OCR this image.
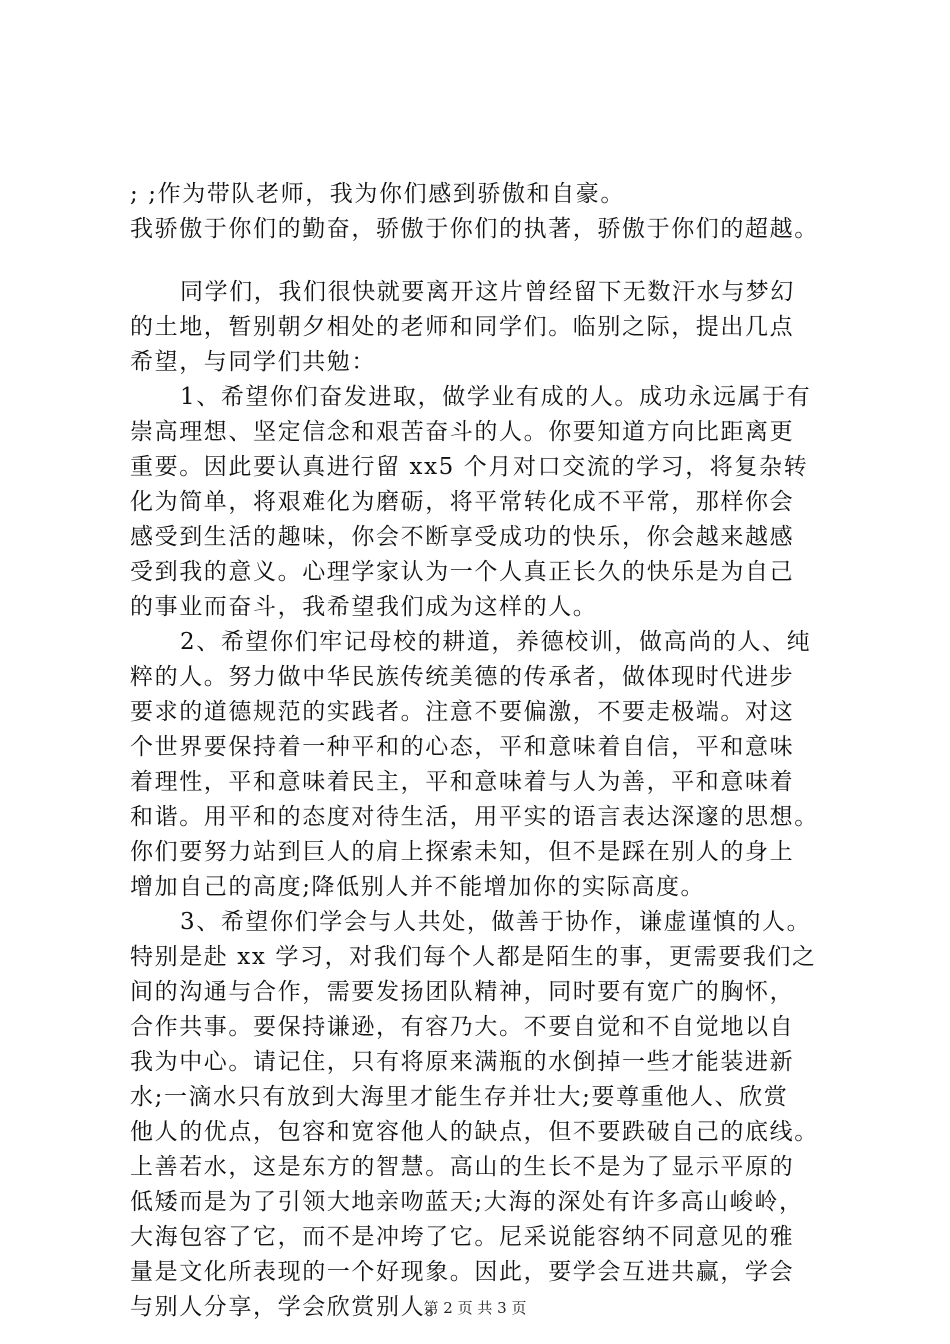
; ;作为带队老师，我为你们感到骄傲和自豪。
我骄傲于你们的勤奋，骄傲于你们的执著，骄傲于你们的超越。
同学们，我们很快就要离开这片曾经留下无数汗水与梦幻
的土地，暂别朝夕相处的老师和同学们。临别之际，提出几点
希望，与同学们共勉：
1、希望你们奋发进取，做学业有成的人。成功永远属于有
崇高理想、坚定信念和艰苦奋斗的人。你要知道方向比距离更
重要。因此要认真进行留 xx5 个月对口交流的学习，将复杂转
化为简单，将艰难化为磨砺，将平常转化成不平常，那样你会
感受到生活的趣味，你会不断享受成功的快乐，你会越来越感
受到我的意义。心理学家认为一个人真正长久的快乐是为自己
的事业而奋斗，我希望我们成为这样的人。
2、希望你们牢记母校的耕道，养德校训，做高尚的人、纯
粹的人。努力做中华民族传统美德的传承者，做体现时代进步
要求的道德规范的实践者。注意不要偏激，不要走极端。对这
个世界要保持着一种平和的心态，平和意味着自信，平和意味
着理性，平和意味着民主，平和意味着与人为善，平和意味着
和谐。用平和的态度对待生活，用平实的语言表达深邃的思想。
你们要努力站到巨人的肩上探索未知，但不是踩在别人的身上
增加自己的高度;降低别人并不能增加你的实际高度。
3、希望你们学会与人共处，做善于协作，谦虚谨慎的人。
特别是赴 xx 学习，对我们每个人都是陌生的事，更需要我们之
间的沟通与合作，需要发扬团队精神，同时要有宽广的胸怀，
合作共事。要保持谦逊，有容乃大。不要自觉和不自觉地以自
我为中心。请记住，只有将原来满瓶的水倒掉一些才能装进新
水;一滴水只有放到大海里才能生存并壮大;要尊重他人、欣赏
他人的优点，包容和宽容他人的缺点，但不要跌破自己的底线。
上善若水，这是东方的智慧。高山的生长不是为了显示平原的
低矮而是为了引领大地亲吻蓝天;大海的深处有许多高山峻岭，
大海包容了它，而不是冲垮了它。尼采说能容纳不同意见的雅
量是文化所表现的一个好现象。因此，要学会互进共赢，学会
与别人分享，学会欣赏别人。
第 2 页 共 3 页
